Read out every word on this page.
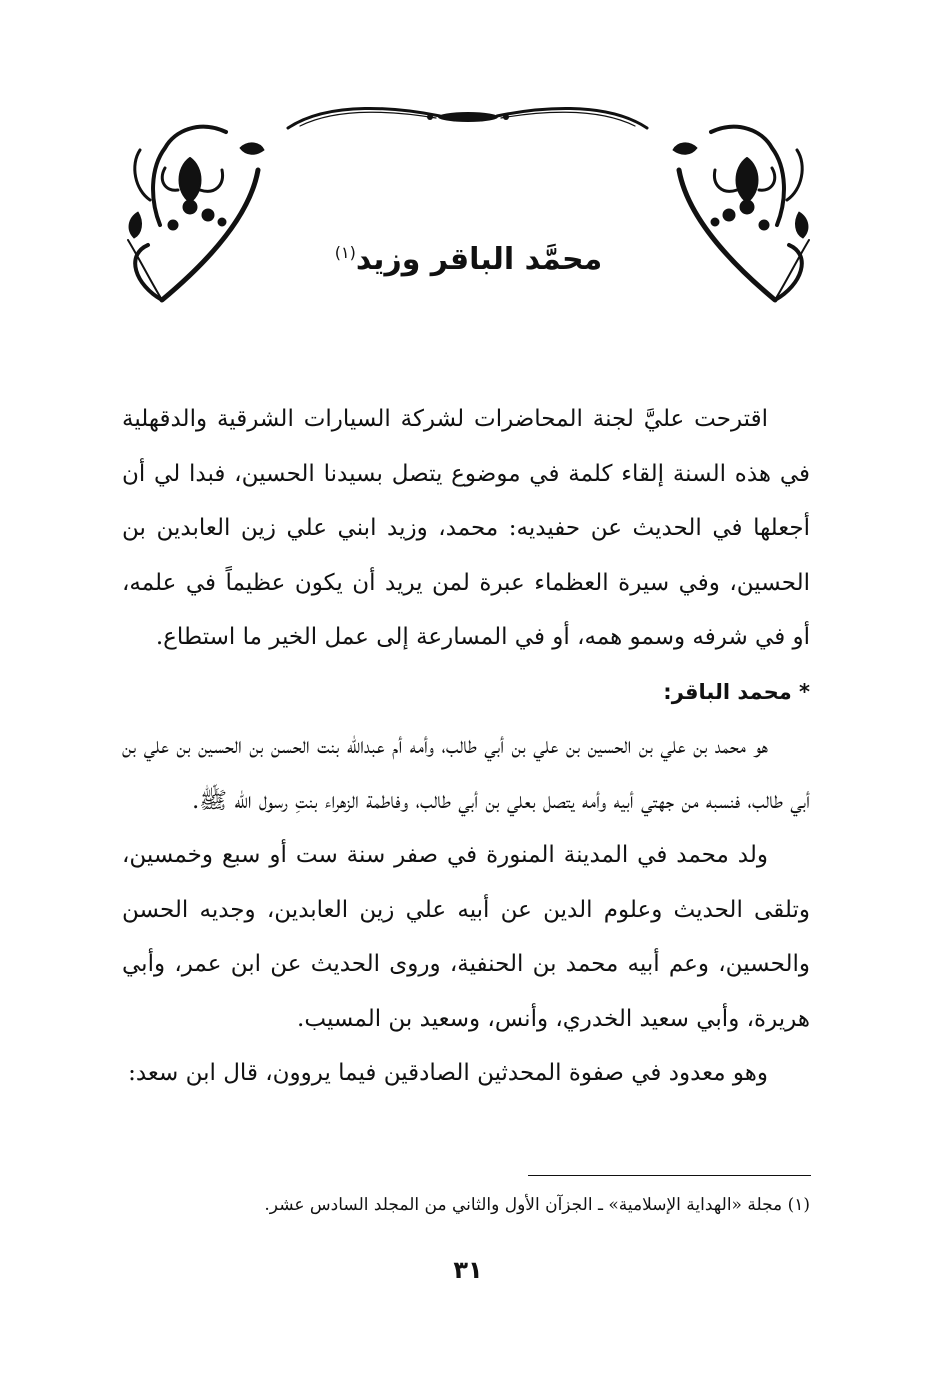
محمَّد الباقر وزيد$^{(١)}$

اقترحت عليَّ لجنة المحاضرات لشركة السيارات الشرقية والدقهلية في هذه السنة إلقاء كلمة في موضوع يتصل بسيدنا الحسين، فبدا لي أن أجعلها في الحديث عن حفيديه: محمد، وزيد ابني علي زين العابدين بن الحسين، وفي سيرة العظماء عبرة لمن يريد أن يكون عظيماً في علمه، أو في شرفه وسمو همه، أو في المسارعة إلى عمل الخير ما استطاع.

* محمد الباقر:

هو محمد بن علي بن الحسين بن علي بن أبي طالب، وأمه أم عبدالله بنت الحسن بن الحسين بن علي بن أبي طالب، فنسبه من جهتي أبيه وأمه يتصل بعلي بن أبي طالب، وفاطمة الزهراء بنتِ رسول الله ﷺ.

ولد محمد في المدينة المنورة في صفر سنة ست أو سبع وخمسين، وتلقى الحديث وعلوم الدين عن أبيه علي زين العابدين، وجديه الحسن والحسين، وعم أبيه محمد بن الحنفية، وروى الحديث عن ابن عمر، وأبي هريرة، وأبي سعيد الخدري، وأنس، وسعيد بن المسيب.

وهو معدود في صفوة المحدثين الصادقين فيما يروون، قال ابن سعد:

(١) مجلة «الهداية الإسلامية» ـ الجزآن الأول والثاني من المجلد السادس عشر.
٣١
